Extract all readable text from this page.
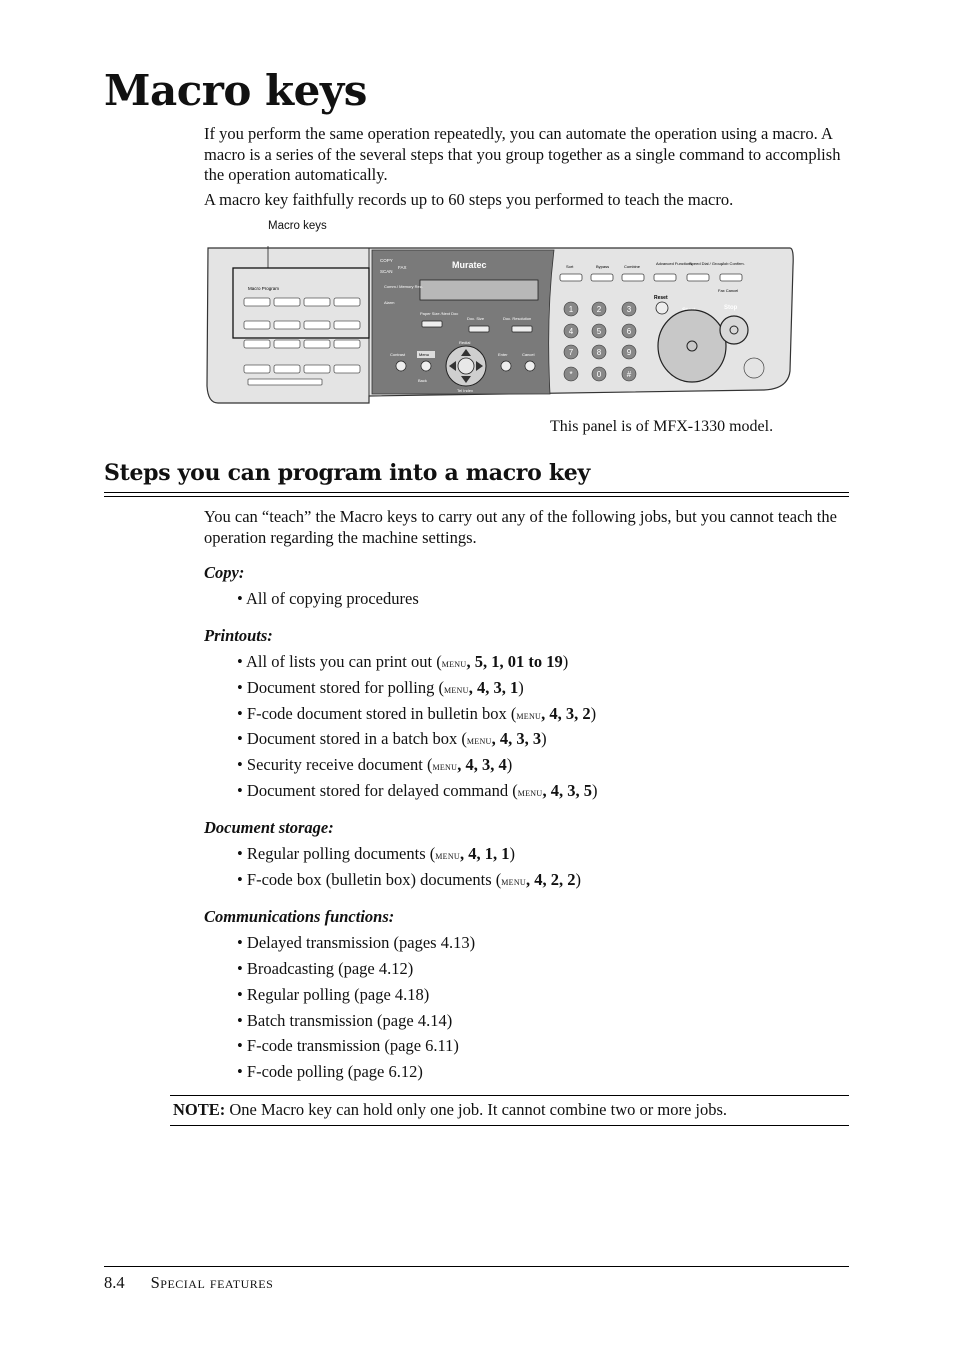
Macro keys
If you perform the same operation repeatedly, you can automate the operation using a macro. A macro is a series of the several steps that you group together as a single command to accomplish the operation automatically.
A macro key faithfully records up to 60 steps you performed to teach the macro.
Macro keys
Macro Program
Muratec
COPY
FAX
SCAN
Comm./ Memory Rec.
Alarm
Paper Size /Next Doc
Doc. Size	Doc. Resolution
Contrast	Menu
Redial
Enter	Cancel
Back
Tel Index
Sort	Bypass	Combine
Advanced Functions
Speed Dial / Group
Job Confirm.
Fax Cancel
1	2	3
4	5	6
7	8	9
*	0	#
Reset
Stop
This panel is of MFX-1330 model.
Steps you can program into a macro key
You can “teach” the Macro keys to carry out any of the following jobs, but you cannot teach the operation regarding the machine settings.
Copy:
• All of copying procedures
Printouts:
• All of lists you can print out (menu, 5, 1, 01 to 19)
• Document stored for polling (menu, 4, 3, 1)
• F-code document stored in bulletin box (menu, 4, 3, 2)
• Document stored in a batch box (menu, 4, 3, 3)
• Security receive document (menu, 4, 3, 4)
• Document stored for delayed command (menu, 4, 3, 5)
Document storage:
• Regular polling documents (menu, 4, 1, 1)
• F-code box (bulletin box) documents (menu, 4, 2, 2)
Communications functions:
• Delayed transmission (pages 4.13)
• Broadcasting (page 4.12)
• Regular polling (page 4.18)
• Batch transmission (page 4.14)
• F-code transmission (page 6.11)
• F-code polling (page 6.12)
NOTE: One Macro key can hold only one job. It cannot combine two or more jobs.
8.4 Special features
